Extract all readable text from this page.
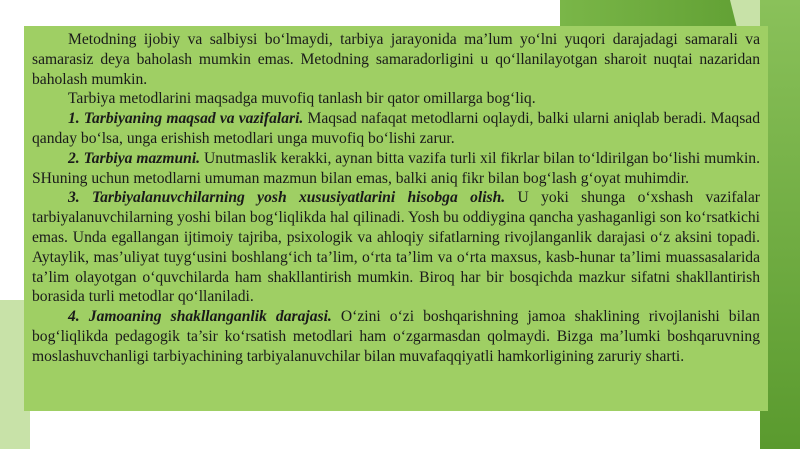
Metodning ijobiy va salbiysi bo‘lmaydi, tarbiya jarayonida ma’lum yo‘lni yuqori darajadagi samarali va samarasiz deya baholash mumkin emas. Metodning samaradorligini u qo‘llanilayotgan sharoit nuqtai nazaridan baholash mumkin.

Tarbiya metodlarini maqsadga muvofiq tanlash bir qator omillarga bog‘liq.

1. Tarbiyaning maqsad va vazifalari. Maqsad nafaqat metodlarni oqlaydi, balki ularni aniqlab beradi. Maqsad qanday bo‘lsa, unga erishish metodlari unga muvofiq bo‘lishi zarur.

2. Tarbiya mazmuni. Unutmaslik kerakki, aynan bitta vazifa turli xil fikrlar bilan to‘ldirilgan bo‘lishi mumkin. SHuning uchun metodlarni umuman mazmun bilan emas, balki aniq fikr bilan bog‘lash g‘oyat muhimdir.

3. Tarbiyalanuvchilarning yosh xususiyatlarini hisobga olish. U yoki shunga o‘xshash vazifalar tarbiyalanuvchilarning yoshi bilan bog‘liqlikda hal qilinadi. Yosh bu oddiygina qancha yashaganligi son ko‘rsatkichi emas. Unda egallangan ijtimoiy tajriba, psixologik va ahloqiy sifatlarning rivojlanganlik darajasi o‘z aksini topadi. Aytaylik, mas’uliyat tuyg‘usini boshlang‘ich ta’lim, o‘rta ta’lim va o‘rta maxsus, kasb-hunar ta’limi muassasalarida ta’lim olayotgan o‘quvchilarda ham shakllantirish mumkin. Biroq har bir bosqichda mazkur sifatni shakllantirish borasida turli metodlar qo‘llaniladi.

4. Jamoaning shakllanganlik darajasi. O‘zini o‘zi boshqarishning jamoa shaklining rivojlanishi bilan bog‘liqlikda pedagogik ta’sir ko‘rsatish metodlari ham o‘zgarmasdan qolmaydi. Bizga ma’lumki boshqaruvning moslashuvchanligi tarbiyachining tarbiyalanuvchilar bilan muvafaqqiyatli hamkorligining zaruriy sharti.
